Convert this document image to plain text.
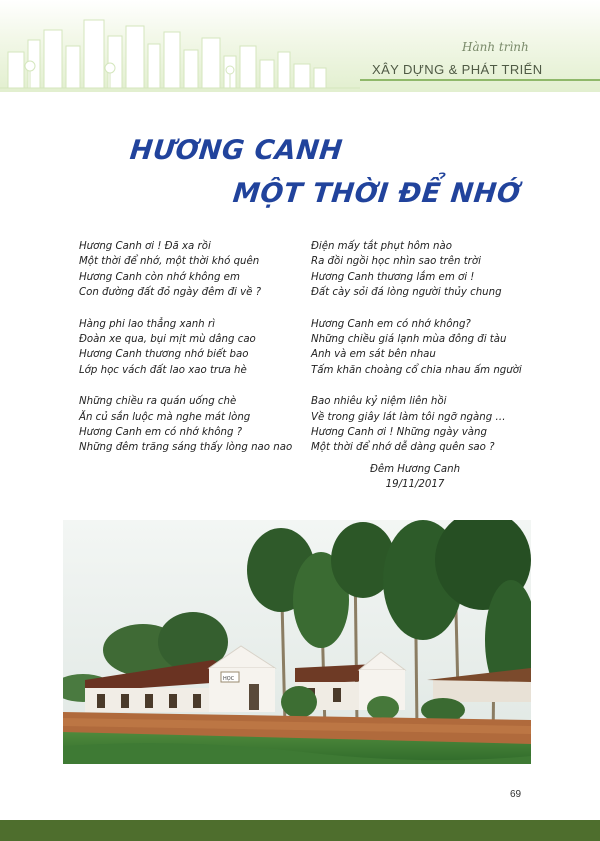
Hành trình
XÂY DỰNG & PHÁT TRIỂN
HƯƠNG CANH
MỘT THỜI ĐỂ NHỚ
Hương Canh ơi ! Đã xa rồi
Một thời để nhớ, một thời khó quên
Hương Canh còn nhớ không em
Con đường đất đỏ ngày đêm đi về ?
Hàng phi lao thẳng xanh rì
Đoàn xe qua, bụi mịt mù dâng cao
Hương Canh thương nhớ biết bao
Lớp học vách đất lao xao trưa hè
Những chiều ra quán uống chè
Ăn củ sắn luộc mà nghe mát lòng
Hương Canh em có nhớ không ?
Những đêm trăng sáng thấy lòng nao nao
Điện mấy tắt phụt hôm nào
Ra đồi ngồi học nhìn sao trên trời
Hương Canh thương lắm em ơi !
Đất cày sỏi đá lòng người thủy chung
Hương Canh em có nhớ không?
Những chiều giá lạnh mùa đông đi tàu
Anh và em sát bên nhau
Tấm khăn choàng cổ chia nhau ấm người
Bao nhiêu kỷ niệm liên hồi
Về trong giây lát làm tôi ngỡ ngàng …
Hương Canh ơi ! Những ngày vàng
Một thời để nhớ dễ dàng quên sao ?
Đêm Hương Canh
19/11/2017
HỌC
69
